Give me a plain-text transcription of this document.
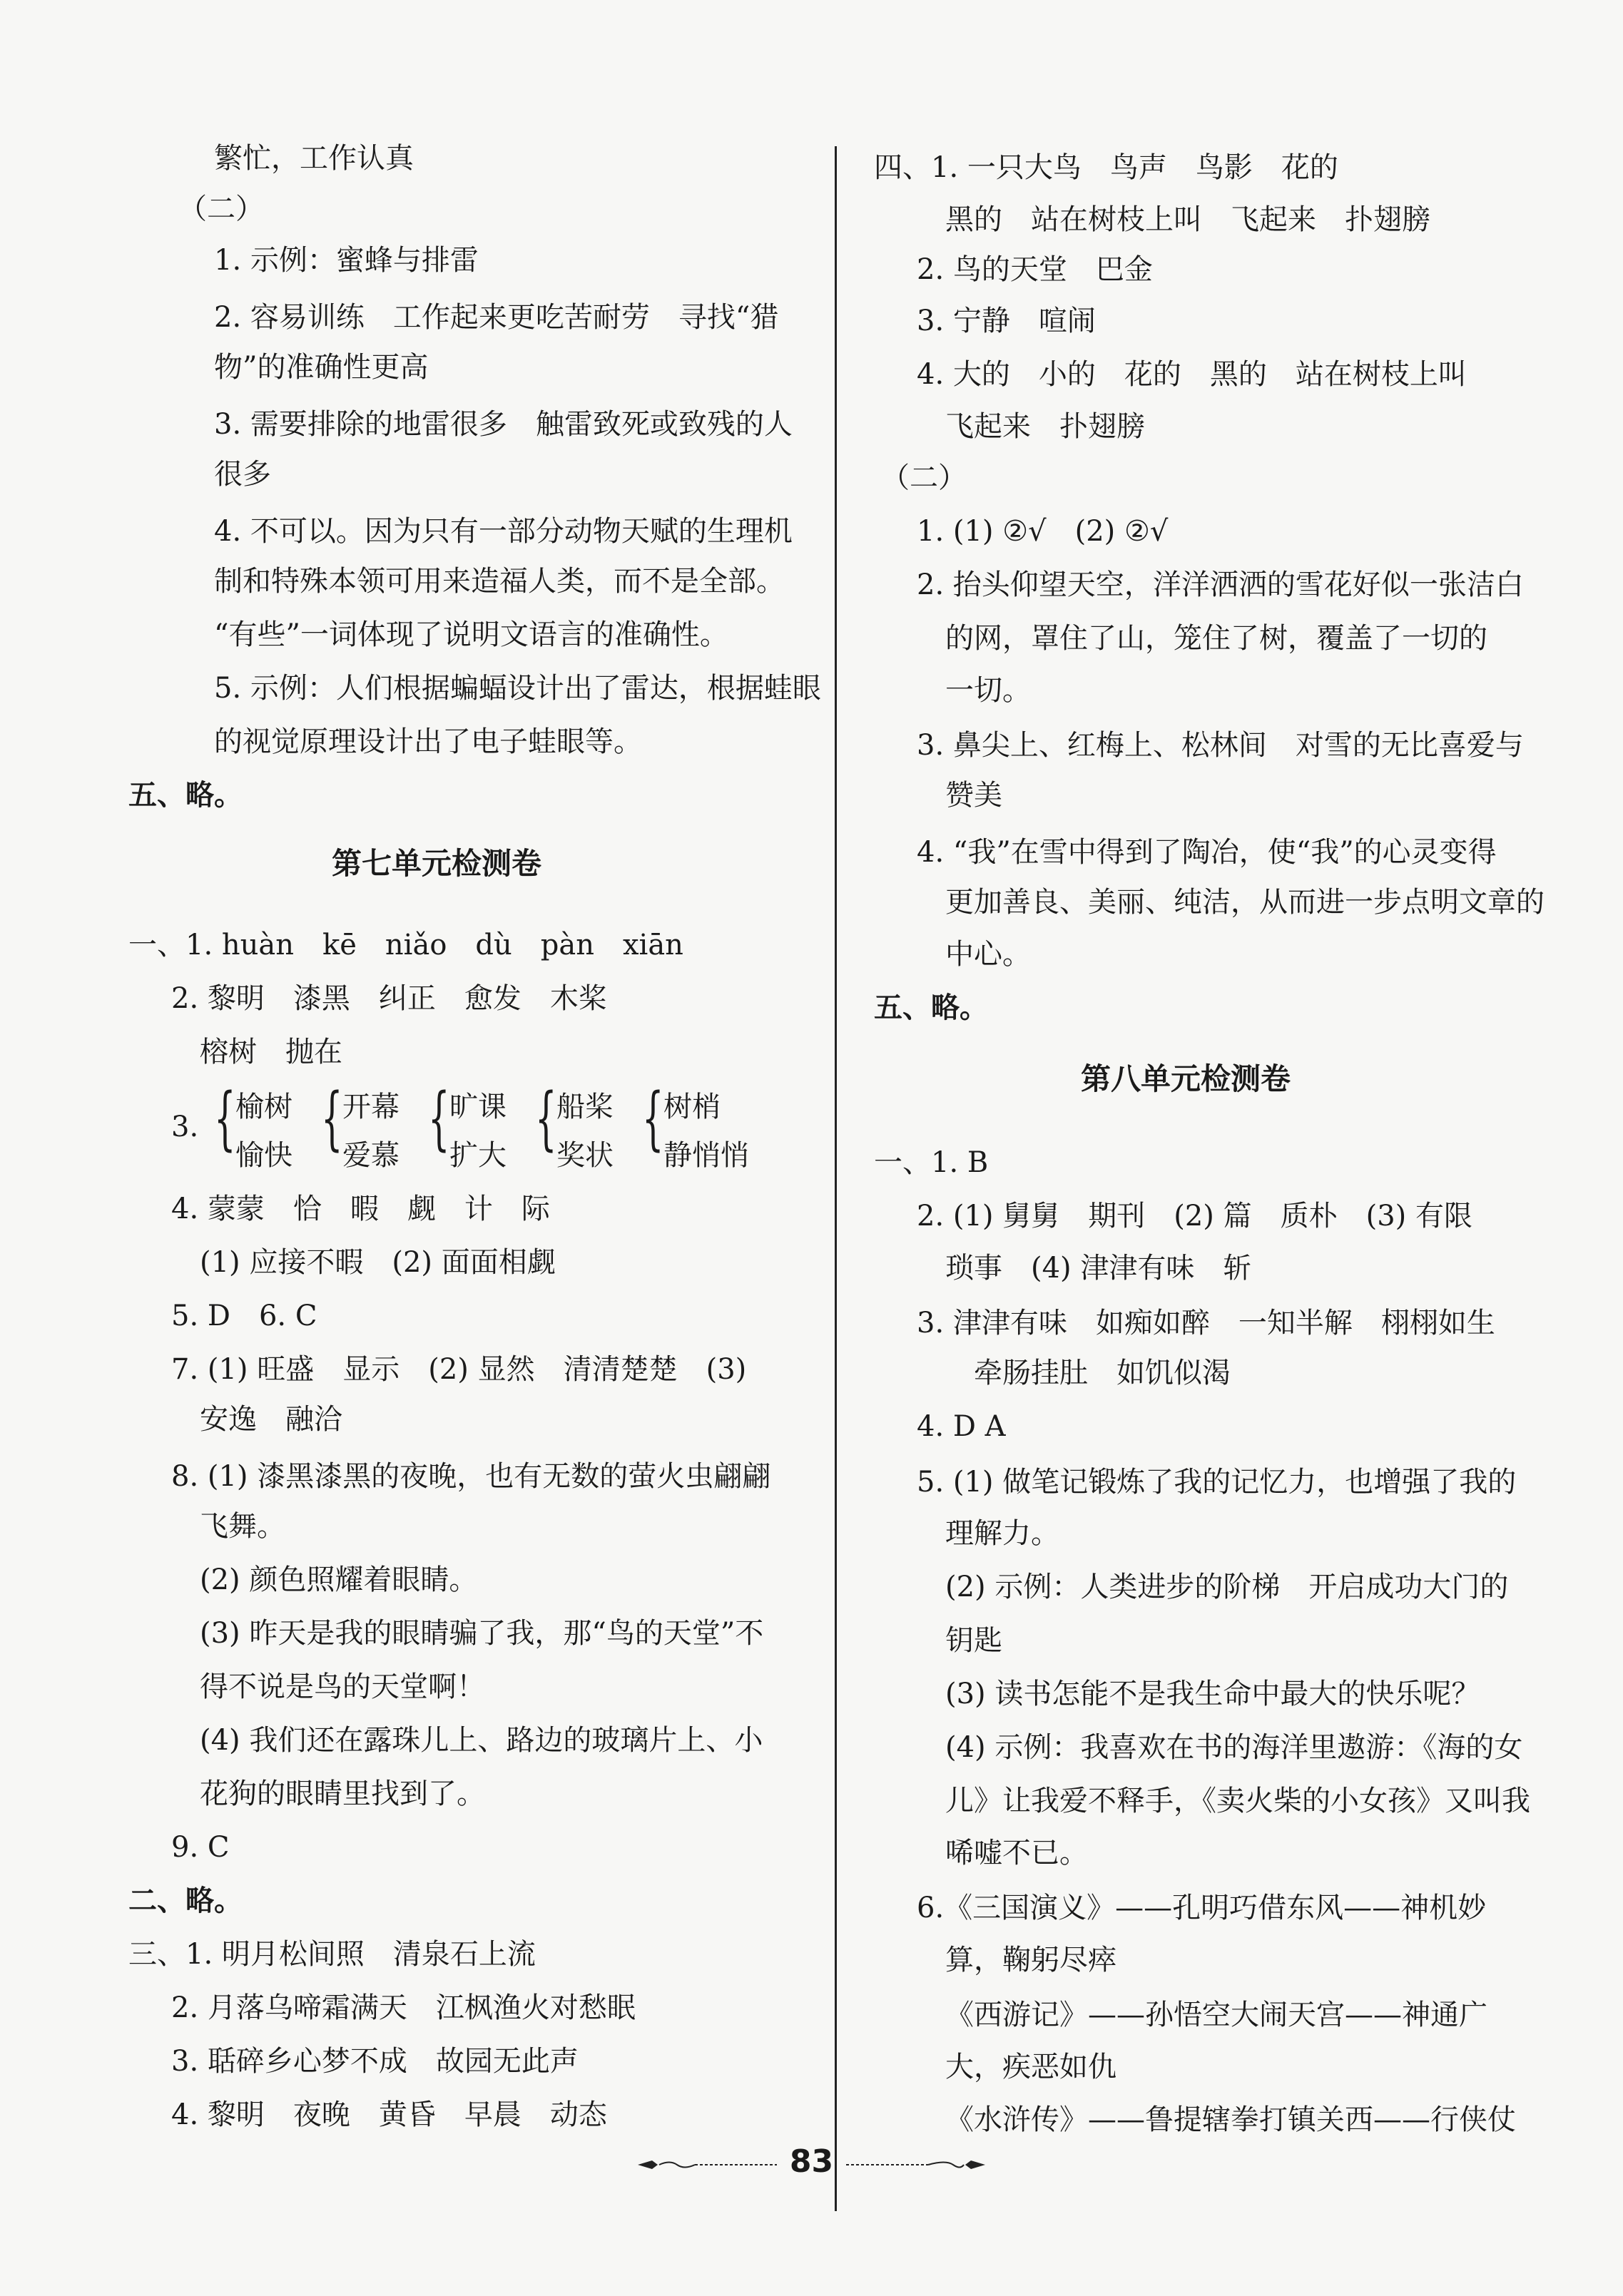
繁忙，工作认真
（二）
1. 示例：蜜蜂与排雷
2. 容易训练　工作起来更吃苦耐劳　寻找“猎
物”的准确性更高
3. 需要排除的地雷很多　触雷致死或致残的人
很多
4. 不可以。因为只有一部分动物天赋的生理机
制和特殊本领可用来造福人类，而不是全部。
“有些”一词体现了说明文语言的准确性。
5. 示例：人们根据蝙蝠设计出了雷达，根据蛙眼
的视觉原理设计出了电子蛙眼等。
五、略。
第七单元检测卷
一、1. huàn　kē　niǎo　dù　pàn　xiān
2. 黎明　漆黑　纠正　愈发　木桨
榕树　抛在
3. { 榆树
愉快 { 开幕
爱慕 { 旷课
扩大 { 船桨
奖状 { 树梢
静悄悄
4. 蒙蒙　恰　暇　觑　计　际
(1) 应接不暇　(2) 面面相觑
5. D　6. C
7. (1) 旺盛　显示　(2) 显然　清清楚楚　(3)
安逸　融洽
8. (1) 漆黑漆黑的夜晚，也有无数的萤火虫翩翩
飞舞。
(2) 颜色照耀着眼睛。
(3) 昨天是我的眼睛骗了我，那“鸟的天堂”不
得不说是鸟的天堂啊！
(4) 我们还在露珠儿上、路边的玻璃片上、小
花狗的眼睛里找到了。
9. C
二、略。
三、1. 明月松间照　清泉石上流
2. 月落乌啼霜满天　江枫渔火对愁眠
3. 聒碎乡心梦不成　故园无此声
4. 黎明　夜晚　黄昏　早晨　动态
四、1. 一只大鸟　鸟声　鸟影　花的
黑的　站在树枝上叫　飞起来　扑翅膀
2. 鸟的天堂　巴金
3. 宁静　喧闹
4. 大的　小的　花的　黑的　站在树枝上叫
飞起来　扑翅膀
（二）
1. (1) ②√　(2) ②√
2. 抬头仰望天空，洋洋洒洒的雪花好似一张洁白
的网，罩住了山，笼住了树，覆盖了一切的
一切。
3. 鼻尖上、红梅上、松林间　对雪的无比喜爱与
赞美
4. “我”在雪中得到了陶冶，使“我”的心灵变得
更加善良、美丽、纯洁，从而进一步点明文章的
中心。
五、略。
第八单元检测卷
一、1. B
2. (1) 舅舅　期刊　(2) 篇　质朴　(3) 有限
琐事　(4) 津津有味　斩
3. 津津有味　如痴如醉　一知半解　栩栩如生
牵肠挂肚　如饥似渴
4. D A
5. (1) 做笔记锻炼了我的记忆力，也增强了我的
理解力。
(2) 示例：人类进步的阶梯　开启成功大门的
钥匙
(3) 读书怎能不是我生命中最大的快乐呢？
(4) 示例：我喜欢在书的海洋里遨游：《海的女
儿》让我爱不释手，《卖火柴的小女孩》又叫我
唏嘘不已。
6.《三国演义》——孔明巧借东风——神机妙
算，鞠躬尽瘁
《西游记》——孙悟空大闹天宫——神通广
大，疾恶如仇
《水浒传》——鲁提辖拳打镇关西——行侠仗
83
